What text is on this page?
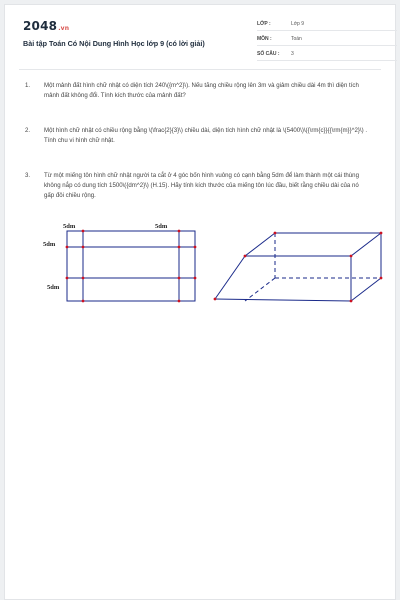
2048.vn
Bài tập Toán Có Nội Dung Hình Học lớp 9 (có lời giải)
LỚP :	Lớp 9
MÔN :	Toán
SỐ CÂU : 3
1. Một mảnh đất hình chữ nhật có diện tích 240\({m^2}\). Nếu tăng chiều rộng lên 3m và giảm chiều dài 4m thì diện tích mảnh đất không đổi. Tính kích thước của mảnh đất?
2. Một hình chữ nhật có chiều rộng bằng \(\frac{2}{3}\) chiều dài, diện tích hình chữ nhật là \(5400\)\({\rm{c}}{{\rm{m}}^2}\) . Tính chu vi hình chữ nhật.
3. Từ một miếng tôn hình chữ nhật người ta cắt ở 4 góc bốn hình vuông có cạnh bằng 5dm để làm thành một cái thùng không nắp có dung tích 1500\({dm^2}\) (H.15). Hãy tính kích thước của miếng tôn lúc đầu, biết rằng chiều dài của nó gấp đôi chiều rộng.
5dm	5dm
5dm
5dm
